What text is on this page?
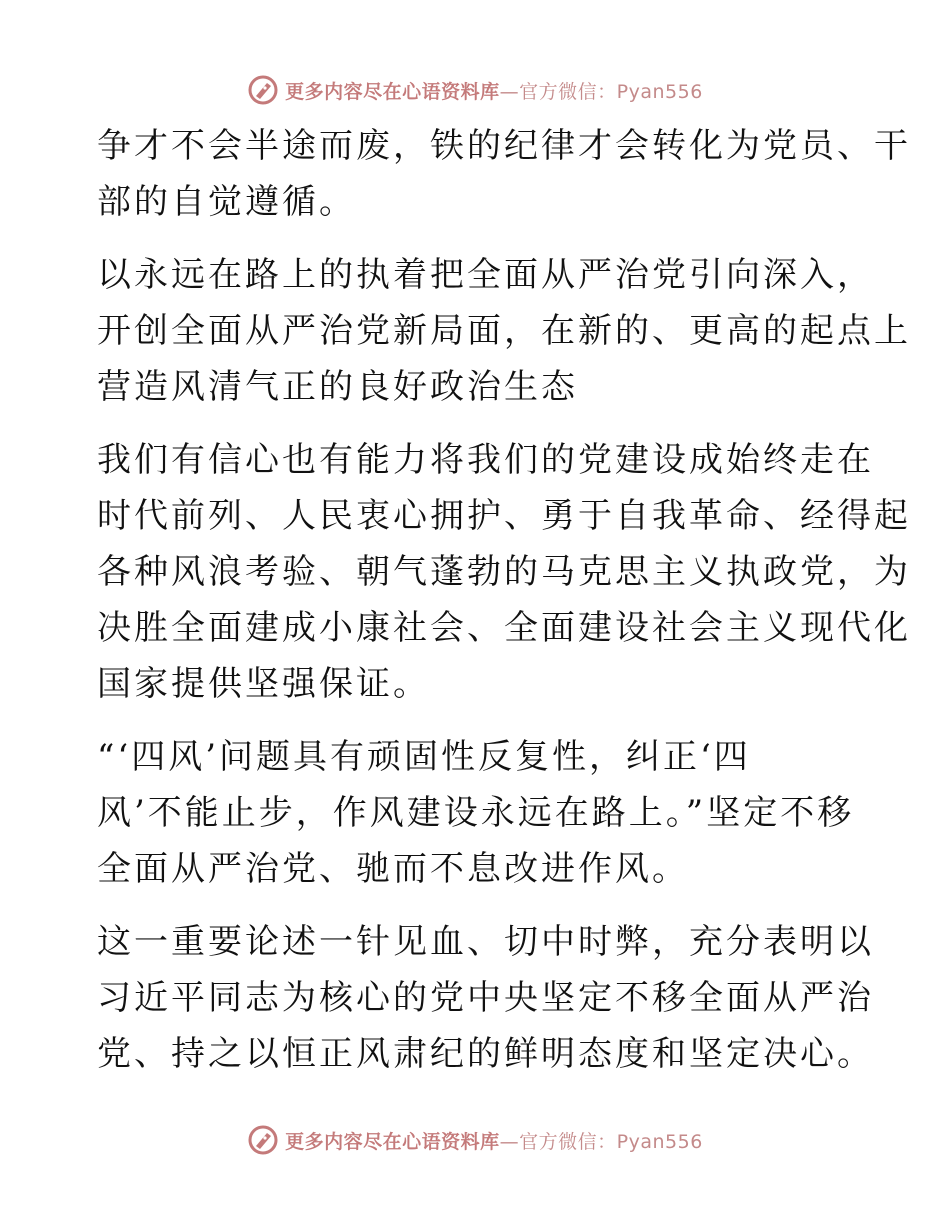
更多内容尽在心语资料库—官方微信：Pyan556

争才不会半途而废，铁的纪律才会转化为党员、干
部的自觉遵循。

以永远在路上的执着把全面从严治党引向深入，
开创全面从严治党新局面，在新的、更高的起点上
营造风清气正的良好政治生态

我们有信心也有能力将我们的党建设成始终走在
时代前列、人民衷心拥护、勇于自我革命、经得起
各种风浪考验、朝气蓬勃的马克思主义执政党，为
决胜全面建成小康社会、全面建设社会主义现代化
国家提供坚强保证。

“‘四风’问题具有顽固性反复性，纠正‘四
风’不能止步，作风建设永远在路上。”坚定不移
全面从严治党、驰而不息改进作风。

这一重要论述一针见血、切中时弊，充分表明以
习近平同志为核心的党中央坚定不移全面从严治
党、持之以恒正风肃纪的鲜明态度和坚定决心。

更多内容尽在心语资料库—官方微信：Pyan556
